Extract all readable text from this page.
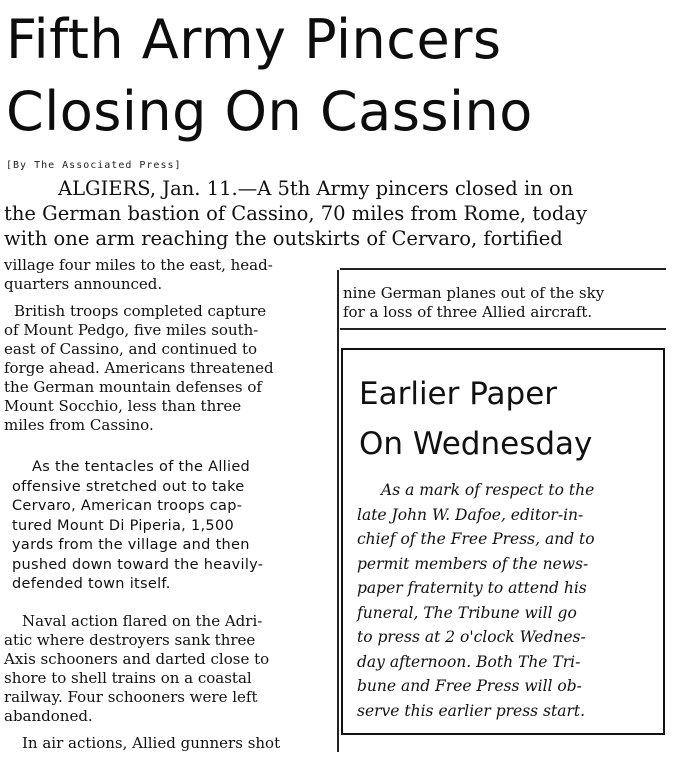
Fifth Army Pincers
Closing On Cassino
[By The Associated Press]
ALGIERS, Jan. 11.—A 5th Army pincers closed in on
the German bastion of Cassino, 70 miles from Rome, today
with one arm reaching the outskirts of Cervaro, fortified
village four miles to the east, head-
quarters announced.
British troops completed capture
of Mount Pedgo, five miles south-
east of Cassino, and continued to
forge ahead. Americans threatened
the German mountain defenses of
Mount Socchio, less than three
miles from Cassino.
As the tentacles of the Allied
offensive stretched out to take
Cervaro, American troops cap-
tured Mount Di Piperia, 1,500
yards from the village and then
pushed down toward the heavily-
defended town itself.
Naval action flared on the Adri-
atic where destroyers sank three
Axis schooners and darted close to
shore to shell trains on a coastal
railway. Four schooners were left
abandoned.
In air actions, Allied gunners shot
nine German planes out of the sky
for a loss of three Allied aircraft.
Earlier Paper
On Wednesday
As a mark of respect to the
late John W. Dafoe, editor-in-
chief of the Free Press, and to
permit members of the news-
paper fraternity to attend his
funeral, The Tribune will go
to press at 2 o'clock Wednes-
day afternoon. Both The Tri-
bune and Free Press will ob-
serve this earlier press start.
